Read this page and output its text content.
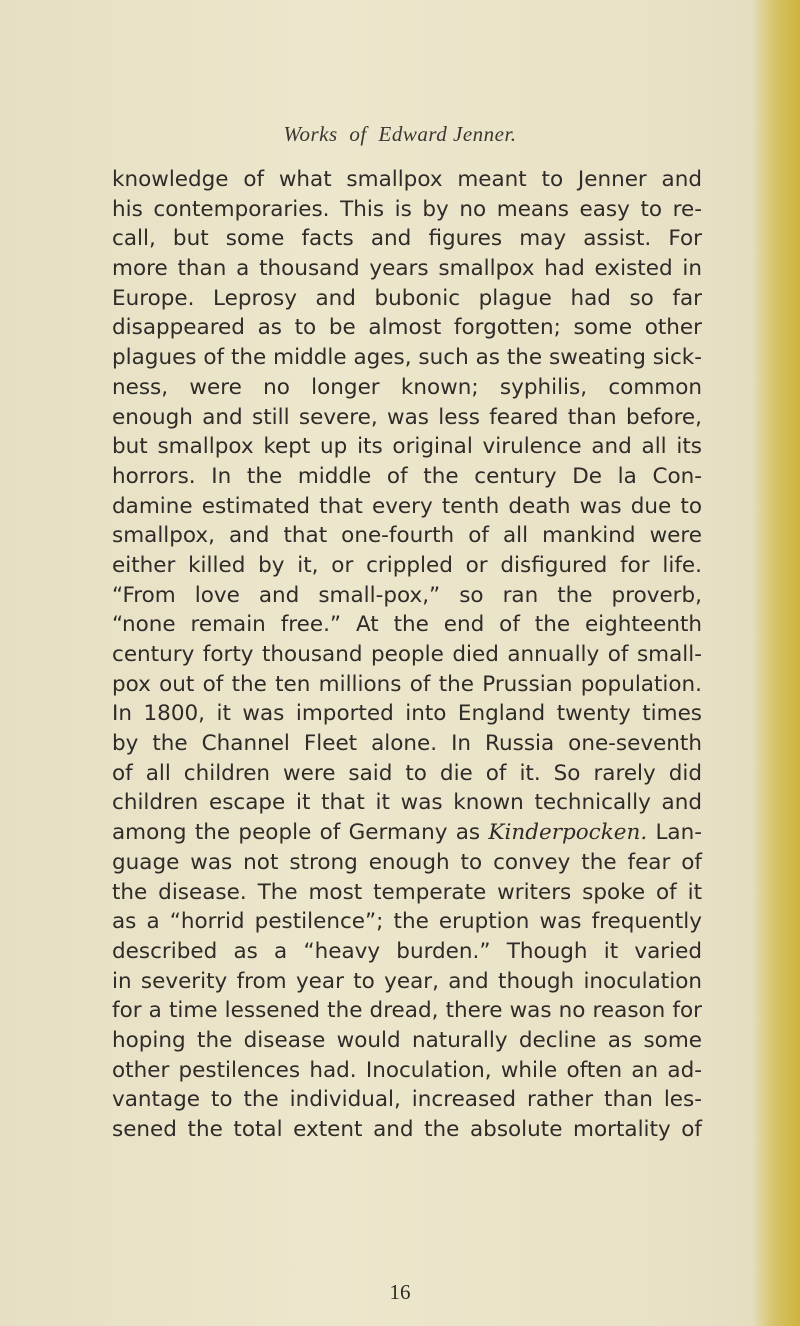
Works of Edward Jenner.
knowledge of what smallpox meant to Jenner and
his contemporaries. This is by no means easy to re-
call, but some facts and figures may assist. For
more than a thousand years smallpox had existed in
Europe. Leprosy and bubonic plague had so far
disappeared as to be almost forgotten; some other
plagues of the middle ages, such as the sweating sick-
ness, were no longer known; syphilis, common
enough and still severe, was less feared than before,
but smallpox kept up its original virulence and all its
horrors. In the middle of the century De la Con-
damine estimated that every tenth death was due to
smallpox, and that one-fourth of all mankind were
either killed by it, or crippled or disfigured for life.
“From love and small-pox,” so ran the proverb,
“none remain free.” At the end of the eighteenth
century forty thousand people died annually of small-
pox out of the ten millions of the Prussian population.
In 1800, it was imported into England twenty times
by the Channel Fleet alone. In Russia one-seventh
of all children were said to die of it. So rarely did
children escape it that it was known technically and
among the people of Germany as Kinderpocken. Lan-
guage was not strong enough to convey the fear of
the disease. The most temperate writers spoke of it
as a “horrid pestilence”; the eruption was frequently
described as a “heavy burden.” Though it varied
in severity from year to year, and though inoculation
for a time lessened the dread, there was no reason for
hoping the disease would naturally decline as some
other pestilences had. Inoculation, while often an ad-
vantage to the individual, increased rather than les-
sened the total extent and the absolute mortality of
16
